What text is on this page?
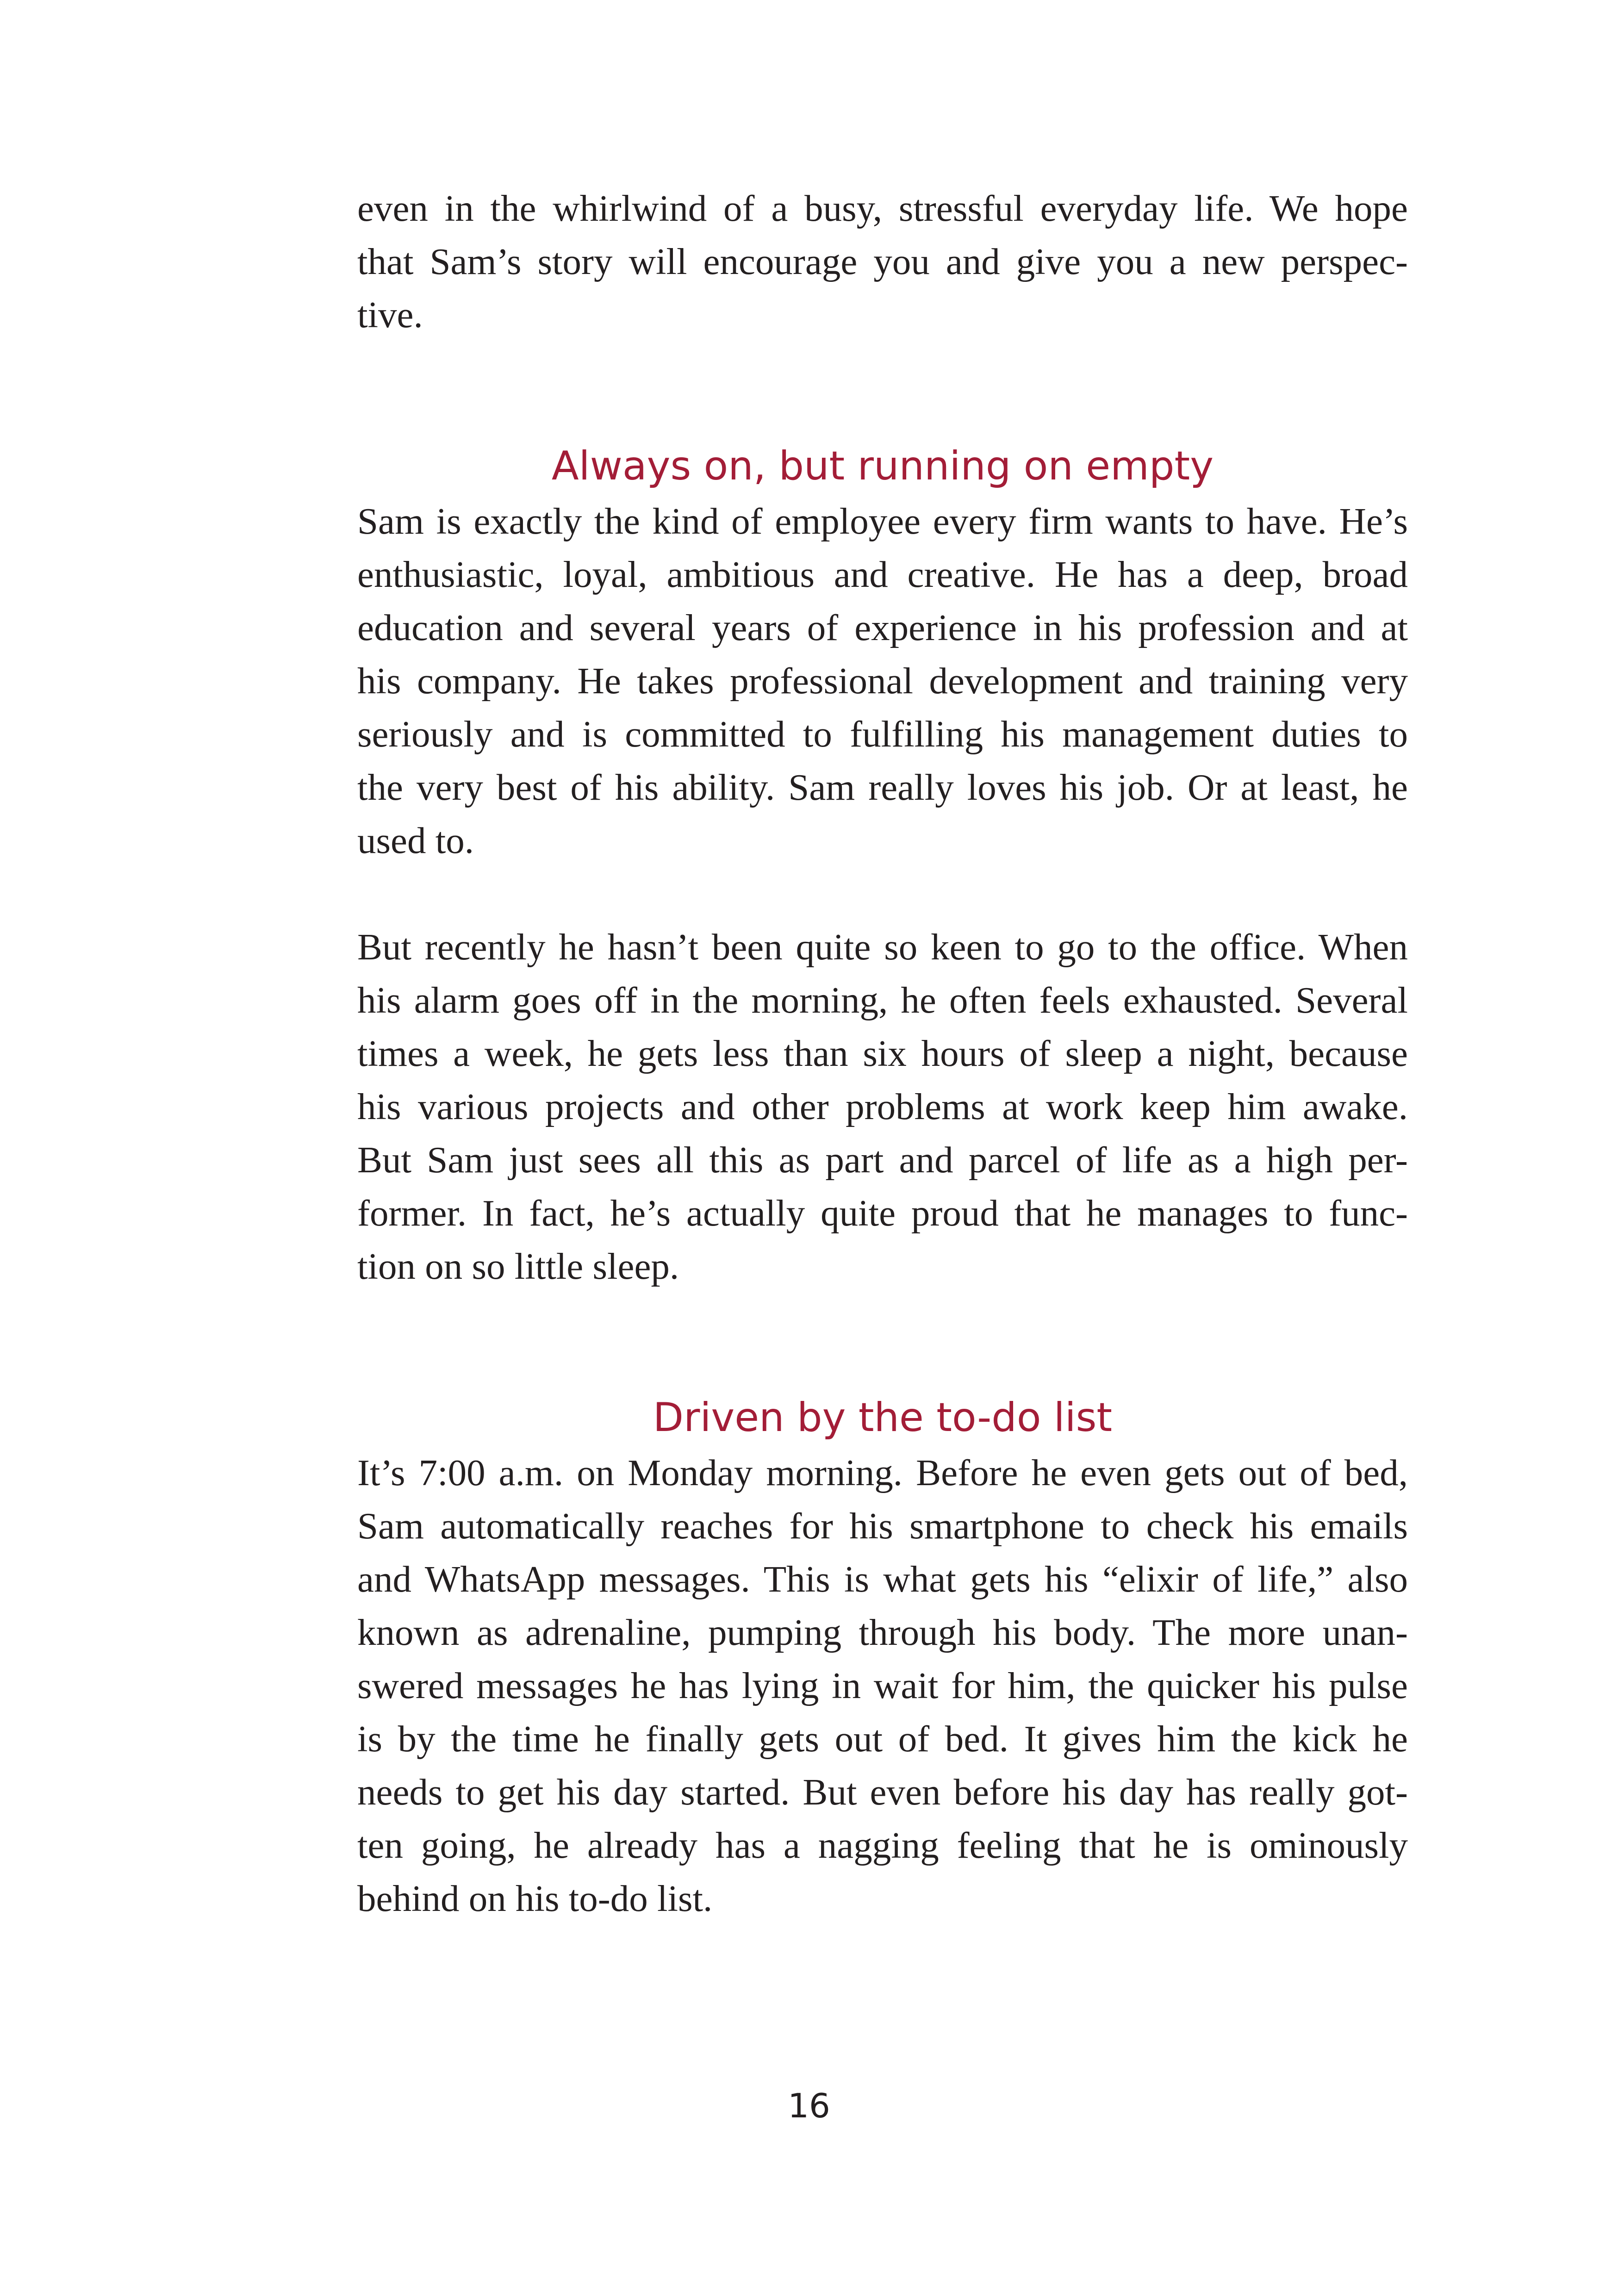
even in the whirlwind of a busy, stressful everyday life. We hope
that Sam’s story will encourage you and give you a new perspec-
tive.

Always on, but running on empty

Sam is exactly the kind of employee every firm wants to have. He’s
enthusiastic, loyal, ambitious and creative. He has a deep, broad
education and several years of experience in his profession and at
his company. He takes professional development and training very
seriously and is committed to fulfilling his management duties to
the very best of his ability. Sam really loves his job. Or at least, he
used to.

But recently he hasn’t been quite so keen to go to the office. When
his alarm goes off in the morning, he often feels exhausted. Several
times a week, he gets less than six hours of sleep a night, because
his various projects and other problems at work keep him awake.
But Sam just sees all this as part and parcel of life as a high per-
former. In fact, he’s actually quite proud that he manages to func-
tion on so little sleep.

Driven by the to-do list

It’s 7:00 a.m. on Monday morning. Before he even gets out of bed,
Sam automatically reaches for his smartphone to check his emails
and WhatsApp messages. This is what gets his “elixir of life,” also
known as adrenaline, pumping through his body. The more unan-
swered messages he has lying in wait for him, the quicker his pulse
is by the time he finally gets out of bed. It gives him the kick he
needs to get his day started. But even before his day has really got-
ten going, he already has a nagging feeling that he is ominously
behind on his to-do list.

16
